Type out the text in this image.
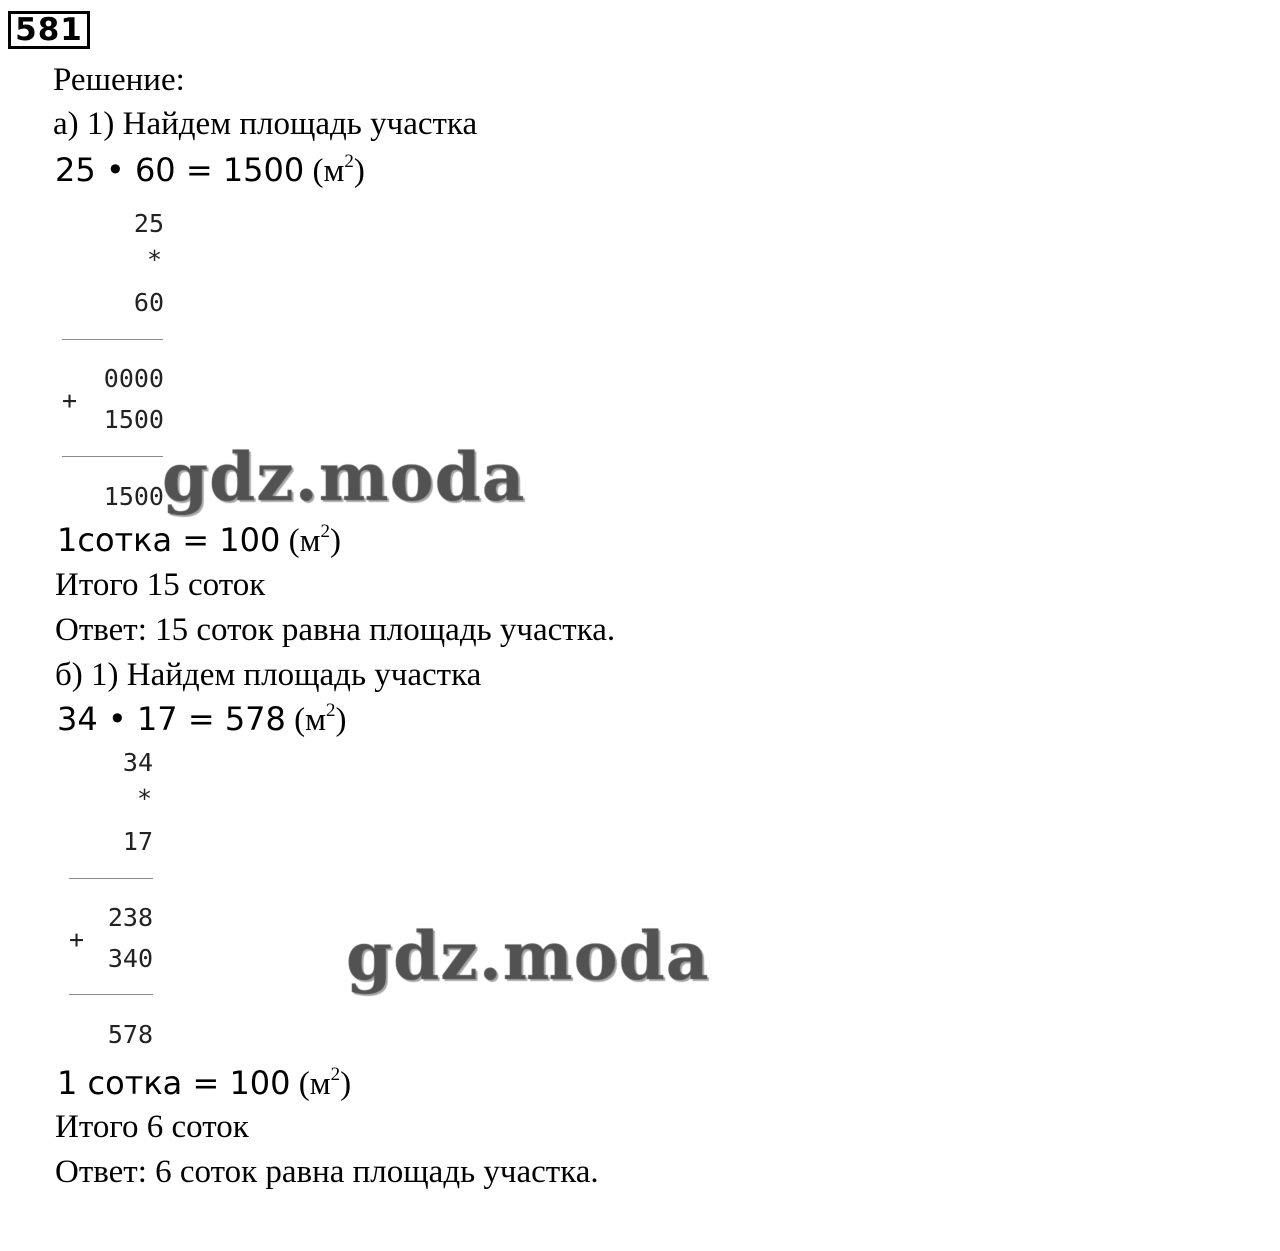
581
Решение:
а) 1) Найдем площадь участка
25 • 60 = 1500 $(м^2)$
25
*
60
0000
+
1500
1500
gdz.moda
1сотка = 100 $(м^2)$
Итого 15 соток
Ответ: 15 соток равна площадь участка.
б) 1) Найдем площадь участка
34 • 17 = 578 $(м^2)$
34
*
17
238
+
340
578
gdz.moda
1 сотка = 100 $(м^2)$
Итого 6 соток
Ответ: 6 соток равна площадь участка.
